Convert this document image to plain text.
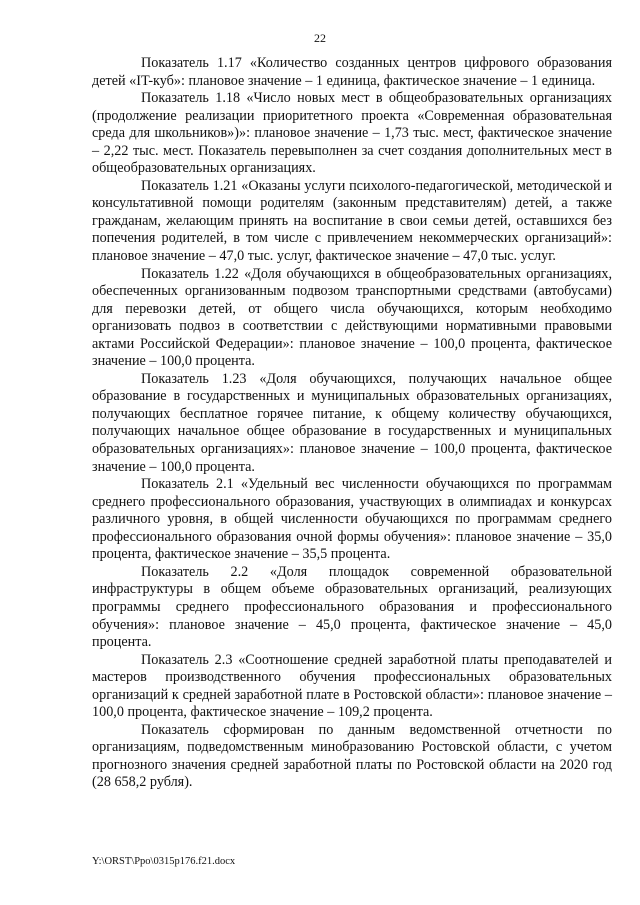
22

Показатель 1.17 «Количество созданных центров цифрового образования детей «IT-куб»: плановое значение – 1 единица, фактическое значение – 1 единица.

Показатель 1.18 «Число новых мест в общеобразовательных организациях (продолжение реализации приоритетного проекта «Современная образовательная среда для школьников»)»: плановое значение – 1,73 тыс. мест, фактическое значение – 2,22 тыс. мест. Показатель перевыполнен за счет создания дополнительных мест в общеобразовательных организациях.

Показатель 1.21 «Оказаны услуги психолого-педагогической, методической и консультативной помощи родителям (законным представителям) детей, а также гражданам, желающим принять на воспитание в свои семьи детей, оставшихся без попечения родителей, в том числе с привлечением некоммерческих организаций»: плановое значение – 47,0 тыс. услуг, фактическое значение – 47,0 тыс. услуг.

Показатель 1.22 «Доля обучающихся в общеобразовательных организациях, обеспеченных организованным подвозом транспортными средствами (автобусами) для перевозки детей, от общего числа обучающихся, которым необходимо организовать подвоз в соответствии с действующими нормативными правовыми актами Российской Федерации»: плановое значение – 100,0 процента, фактическое значение – 100,0 процента.

Показатель 1.23 «Доля обучающихся, получающих начальное общее образование в государственных и муниципальных образовательных организациях, получающих бесплатное горячее питание, к общему количеству обучающихся, получающих начальное общее образование в государственных и муниципальных образовательных организациях»: плановое значение – 100,0 процента, фактическое значение – 100,0 процента.

Показатель 2.1 «Удельный вес численности обучающихся по программам среднего профессионального образования, участвующих в олимпиадах и конкурсах различного уровня, в общей численности обучающихся по программам среднего профессионального образования очной формы обучения»: плановое значение – 35,0 процента, фактическое значение – 35,5 процента.

Показатель 2.2 «Доля площадок современной образовательной инфраструктуры в общем объеме образовательных организаций, реализующих программы среднего профессионального образования и профессионального обучения»: плановое значение – 45,0 процента, фактическое значение – 45,0 процента.

Показатель 2.3 «Соотношение средней заработной платы преподавателей и мастеров производственного обучения профессиональных образовательных организаций к средней заработной плате в Ростовской области»: плановое значение – 100,0 процента, фактическое значение – 109,2 процента.

Показатель сформирован по данным ведомственной отчетности по организациям, подведомственным минобразованию Ростовской области, с учетом прогнозного значения средней заработной платы по Ростовской области на 2020 год (28 658,2 рубля).

Y:\ORST\Ppo\0315p176.f21.docx
